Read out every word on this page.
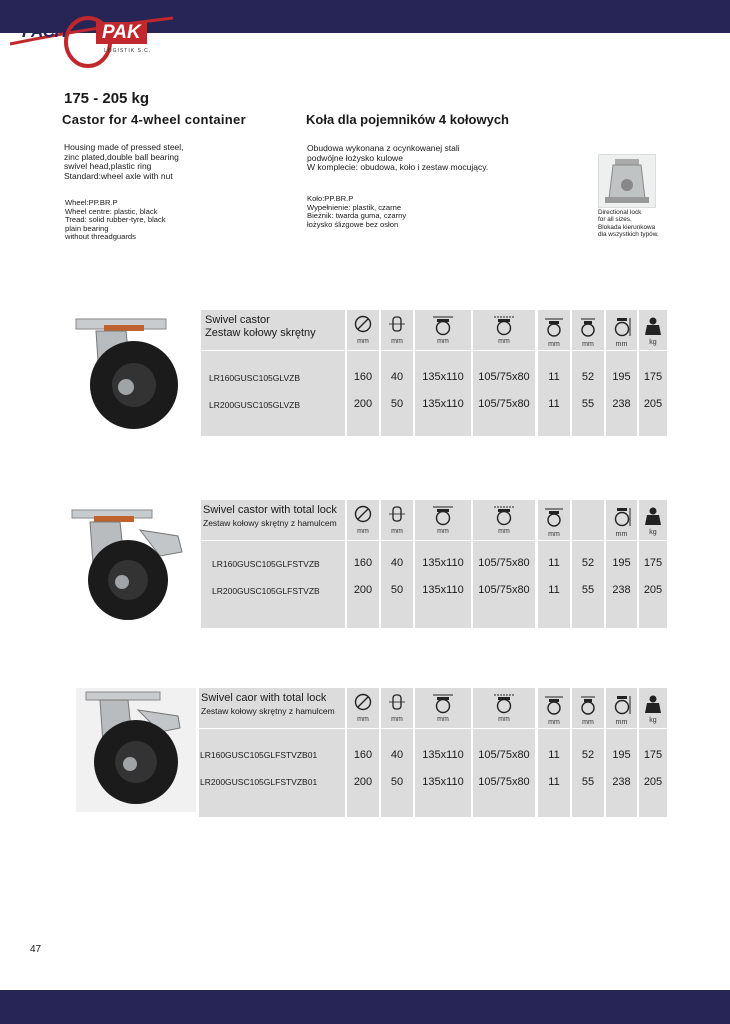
FACH	PAK
LOGISTIK S.C.
175 - 205 kg
Castor for 4-wheel container	Koła dla pojemników 4 kołowych
Housing made of pressed steel,
zinc plated,double ball bearing
swivel head,plastic ring
Standard:wheel axle with nut
Wheel:PP.BR.P
Wheel centre: plastic, black
Tread: solid rubber-tyre, black
plain bearing
without threadguards
Obudowa wykonana z ocynkowanej stali
podwójne łożysko kulowe
W komplecie: obudowa, koło i zestaw mocujący.
Koło:PP.BR.P
Wypełnienie: plastik, czarne
Bieżnik: twarda guma, czarny
łożysko ślizgowe bez osłon
Directional lock
for all sizes.
Blokada kierunkowa
dla wszystkich typów.
Swivel castor
Zestaw kołowy skrętny
LR160GUSC105GLVZB
LR200GUSC105GLVZB
mm
160
200
mm
40
50
mm
135x110
135x110
mm
105/75x80
105/75x80
mm
11
11
mm
52
55
mm
195
238
kg
175
205
Swivel castor with total lock
Zestaw kołowy skrętny z hamulcem
LR160GUSC105GLFSTVZB
LR200GUSC105GLFSTVZB
mm
160
200
mm
40
50
mm
135x110
135x110
mm
105/75x80
105/75x80
mm
11
11
52
55
mm
195
238
kg
175
205
Swivel caor with total lock
Zestaw kołowy skrętny z hamulcem
LR160GUSC105GLFSTVZB01
LR200GUSC105GLFSTVZB01
mm
160
200
mm
40
50
mm
135x110
135x110
mm
105/75x80
105/75x80
mm
11
11
mm
52
55
mm
195
238
kg
175
205
47
